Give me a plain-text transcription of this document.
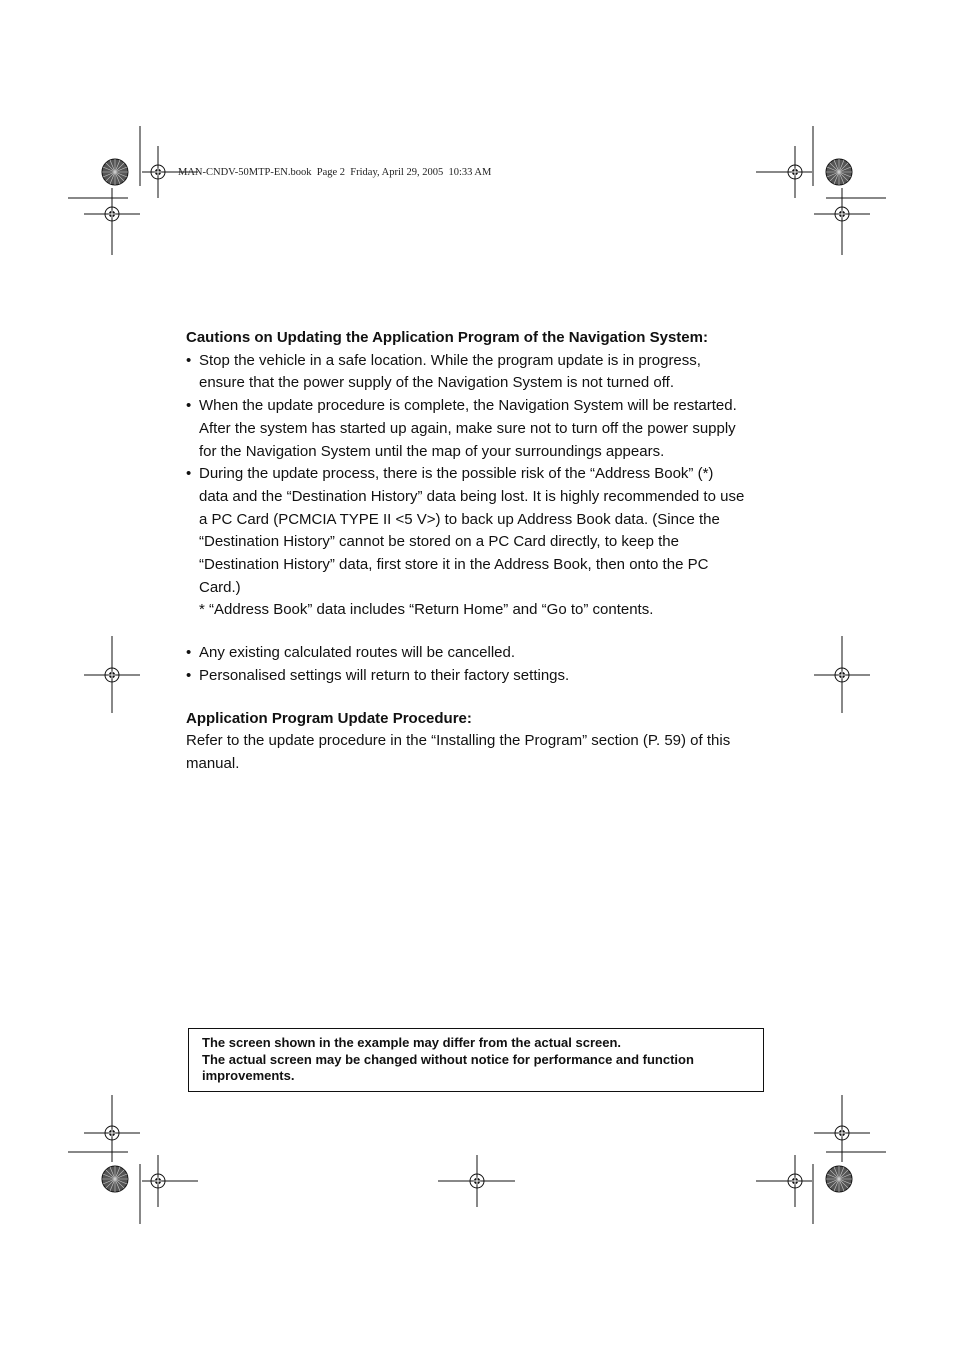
MAN-CNDV-50MTP-EN.book  Page 2  Friday, April 29, 2005  10:33 AM

Cautions on Updating the Application Program of the Navigation System:

• Stop the vehicle in a safe location. While the program update is in progress,
ensure that the power supply of the Navigation System is not turned off.
• When the update procedure is complete, the Navigation System will be restarted.
After the system has started up again, make sure not to turn off the power supply
for the Navigation System until the map of your surroundings appears.
• During the update process, there is the possible risk of the “Address Book” (*)
data and the “Destination History” data being lost. It is highly recommended to use
a PC Card (PCMCIA TYPE II <5 V>) to back up Address Book data. (Since the
“Destination History” cannot be stored on a PC Card directly, to keep the
“Destination History” data, first store it in the Address Book, then onto the PC
Card.)
* “Address Book” data includes “Return Home” and “Go to” contents.
• Any existing calculated routes will be cancelled.
• Personalised settings will return to their factory settings.

Application Program Update Procedure:

Refer to the update procedure in the “Installing the Program” section (P. 59) of this
manual.
The screen shown in the example may differ from the actual screen.
The actual screen may be changed without notice for performance and function
improvements.
